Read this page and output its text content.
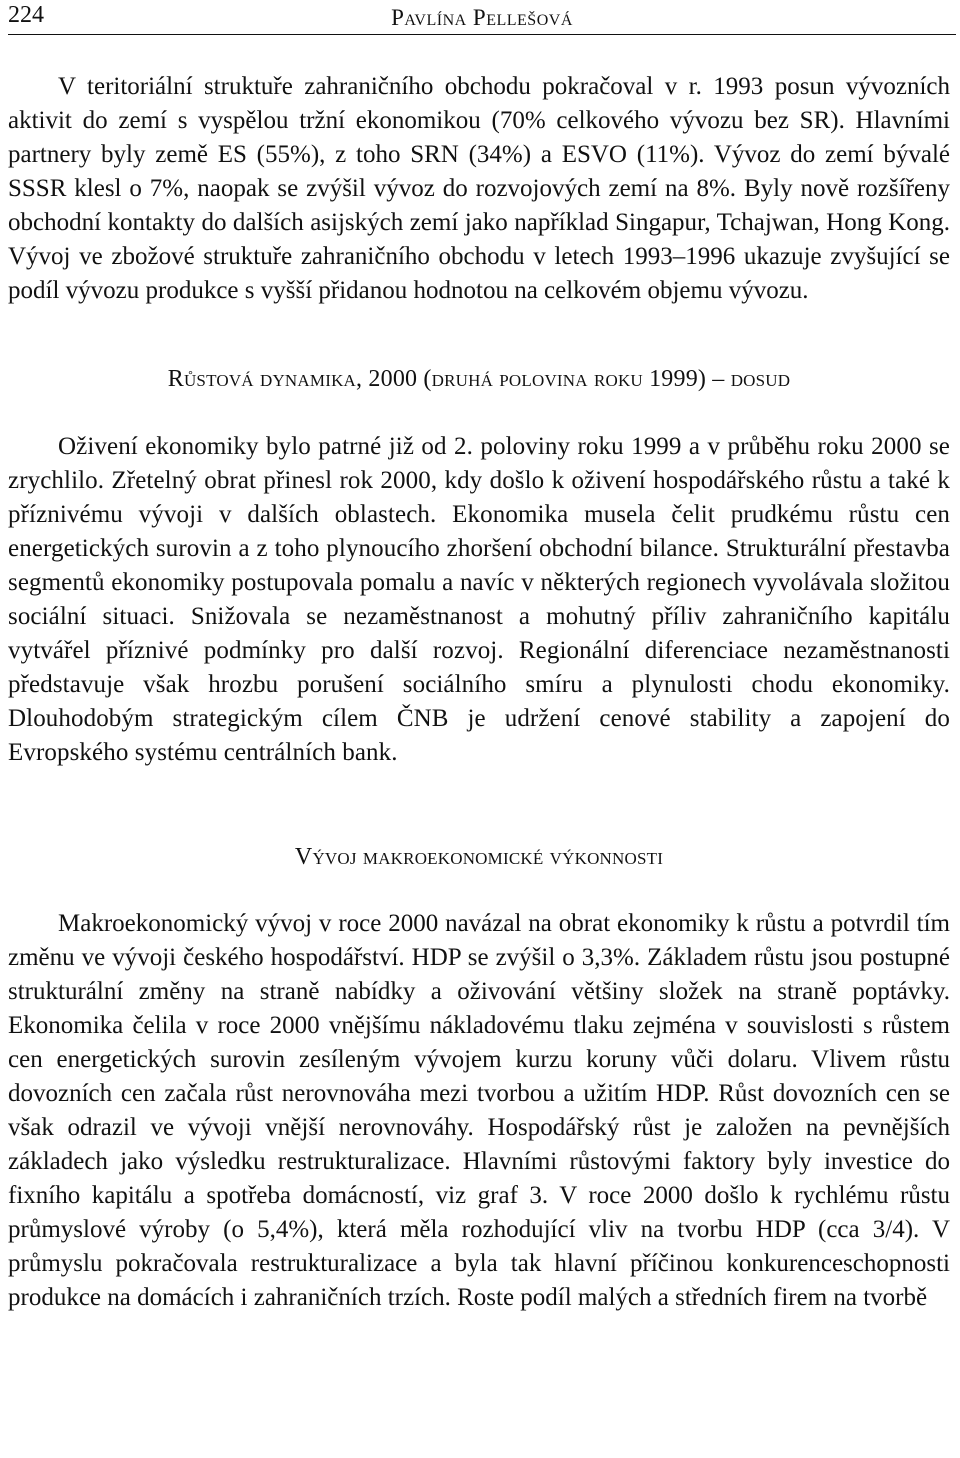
224	Pavlína Pellešová

V teritoriální struktuře zahraničního obchodu pokračoval v r. 1993 posun vývozních aktivit do zemí s vyspělou tržní ekonomikou (70% celkového vývozu bez SR). Hlavními partnery byly země ES (55%), z toho SRN (34%) a ESVO (11%). Vývoz do zemí bývalé SSSR klesl o 7%, naopak se zvýšil vývoz do rozvojových zemí na 8%. Byly nově rozšířeny obchodní kontakty do dalších asijských zemí jako například Singapur, Tchajwan, Hong Kong. Vývoj ve zbožové struktuře zahraničního obchodu v letech 1993–1996 ukazuje zvyšující se podíl vývozu produkce s vyšší přidanou hodnotou na celkovém objemu vývozu.

Růstová dynamika, 2000 (druhá polovina roku 1999) – dosud

Oživení ekonomiky bylo patrné již od 2. poloviny roku 1999 a v průběhu roku 2000 se zrychlilo. Zřetelný obrat přinesl rok 2000, kdy došlo k oživení hospodářského růstu a také k příznivému vývoji v dalších oblastech. Ekonomika musela čelit prudkému růstu cen energetických surovin a z toho plynoucího zhoršení obchodní bilance. Strukturální přestavba segmentů ekonomiky postupovala pomalu a navíc v některých regionech vyvolávala složitou sociální situaci. Snižovala se nezaměstnanost a mohutný příliv zahraničního kapitálu vytvářel příznivé podmínky pro další rozvoj. Regionální diferenciace nezaměstnanosti představuje však hrozbu porušení sociálního smíru a plynulosti chodu ekonomiky. Dlouhodobým strategickým cílem ČNB je udržení cenové stability a zapojení do Evropského systému centrálních bank.

Vývoj makroekonomické výkonnosti

Makroekonomický vývoj v roce 2000 navázal na obrat ekonomiky k růstu a potvrdil tím změnu ve vývoji českého hospodářství. HDP se zvýšil o 3,3%. Základem růstu jsou postupné strukturální změny na straně nabídky a oživování většiny složek na straně poptávky. Ekonomika čelila v roce 2000 vnějšímu nákladovému tlaku zejména v souvislosti s růstem cen energetických surovin zesíleným vývojem kurzu koruny vůči dolaru. Vlivem růstu dovozních cen začala růst nerovnováha mezi tvorbou a užitím HDP. Růst dovozních cen se však odrazil ve vývoji vnější nerovnováhy. Hospodářský růst je založen na pevnějších základech jako výsledku restrukturalizace. Hlavními růstovými faktory byly investice do fixního kapitálu a spotřeba domácností, viz graf 3. V roce 2000 došlo k rychlému růstu průmyslové výroby (o 5,4%), která měla rozhodující vliv na tvorbu HDP (cca 3/4). V průmyslu pokračovala restrukturalizace a byla tak hlavní příčinou konkurenceschopnosti produkce na domácích i zahraničních trzích. Roste podíl malých a středních firem na tvorbě
